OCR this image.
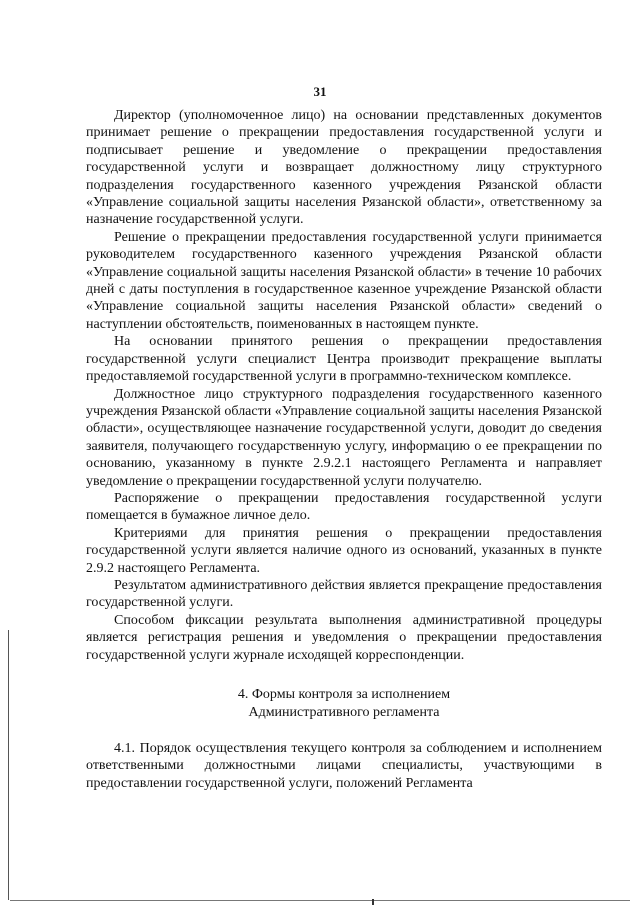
31

Директор (уполномоченное лицо) на основании представленных документов принимает решение о прекращении предоставления государственной услуги и подписывает решение и уведомление о прекращении предоставления государственной услуги и возвращает должностному лицу структурного подразделения государственного казенного учреждения Рязанской области «Управление социальной защиты населения Рязанской области», ответственному за назначение государственной услуги.

Решение о прекращении предоставления государственной услуги принимается руководителем государственного казенного учреждения Рязанской области «Управление социальной защиты населения Рязанской области» в течение 10 рабочих дней с даты поступления в государственное казенное учреждение Рязанской области «Управление социальной защиты населения Рязанской области» сведений о наступлении обстоятельств, поименованных в настоящем пункте.

На основании принятого решения о прекращении предоставления государственной услуги специалист Центра производит прекращение выплаты предоставляемой государственной услуги в программно-техническом комплексе.

Должностное лицо структурного подразделения государственного казенного учреждения Рязанской области «Управление социальной защиты населения Рязанской области», осуществляющее назначение государственной услуги, доводит до сведения заявителя, получающего государственную услугу, информацию о ее прекращении по основанию, указанному в пункте 2.9.2.1 настоящего Регламента и направляет уведомление о прекращении государственной услуги получателю.

Распоряжение о прекращении предоставления государственной услуги помещается в бумажное личное дело.

Критериями для принятия решения о прекращении предоставления государственной услуги является наличие одного из оснований, указанных в пункте 2.9.2 настоящего Регламента.

Результатом административного действия является прекращение предоставления государственной услуги.

Способом фиксации результата выполнения административной процедуры является регистрация решения и уведомления о прекращении предоставления государственной услуги журнале исходящей корреспонденции.

4. Формы контроля за исполнением
Административного регламента

4.1. Порядок осуществления текущего контроля за соблюдением и исполнением ответственными должностными лицами специалисты, участвующими в предоставлении государственной услуги, положений Регламента
